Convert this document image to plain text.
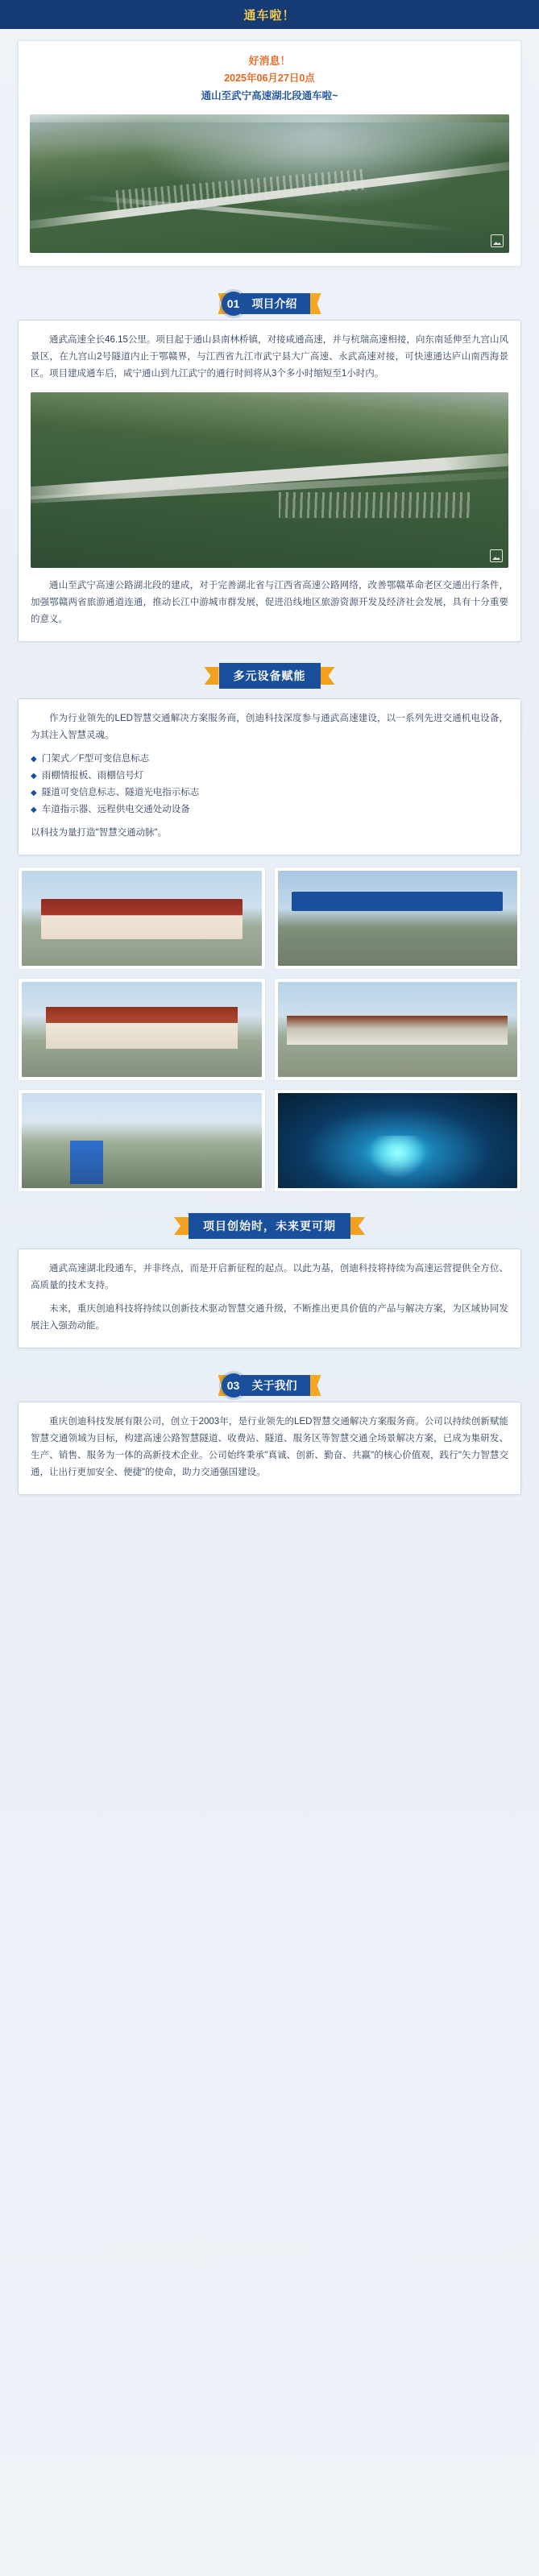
通车啦！
好消息！
2025年06月27日0点
通山至武宁高速湖北段通车啦~
01	项目介绍

通武高速全长46.15公里。项目起于通山县南林桥镇，对接咸通高速，并与杭瑞高速相接，向东南延伸至九宫山风景区，在九宫山2号隧道内止于鄂赣界，与江西省九江市武宁县大广高速、永武高速对接，可快速通达庐山南西海景区。项目建成通车后，咸宁通山到九江武宁的通行时间将从3个多小时缩短至1小时内。

通山至武宁高速公路湖北段的建成，对于完善湖北省与江西省高速公路网络，改善鄂赣革命老区交通出行条件，加强鄂赣两省旅游通道连通，推动长江中游城市群发展，促进沿线地区旅游资源开发及经济社会发展，具有十分重要的意义。

多元设备赋能

作为行业领先的LED智慧交通解决方案服务商，创迪科技深度参与通武高速建设，以一系列先进交通机电设备，为其注入智慧灵魂。

◆ 门架式／F型可变信息标志
◆ 雨棚情报板、雨棚信号灯
◆ 隧道可变信息标志、隧道光电指示标志
◆ 车道指示器、远程供电交通处动设备

以科技为量打造"智慧交通动脉"。

项目创始时，未来更可期

通武高速湖北段通车，并非终点，而是开启新征程的起点。以此为基，创迪科技将持续为高速运营提供全方位、高质量的技术支持。

未来，重庆创迪科技将持续以创新技术驱动智慧交通升级，不断推出更具价值的产品与解决方案，为区域协同发展注入强劲动能。

03	关于我们

重庆创迪科技发展有限公司，创立于2003年，是行业领先的LED智慧交通解决方案服务商。公司以持续创新赋能智慧交通领域为目标，构建高速公路智慧隧道、收费站、隧道、服务区等智慧交通全场景解决方案，已成为集研发、生产、销售、服务为一体的高新技术企业。公司始终秉承"真诚、创新、勤奋、共赢"的核心价值观，践行"矢力智慧交通，让出行更加安全、便捷"的使命，助力交通强国建设。
